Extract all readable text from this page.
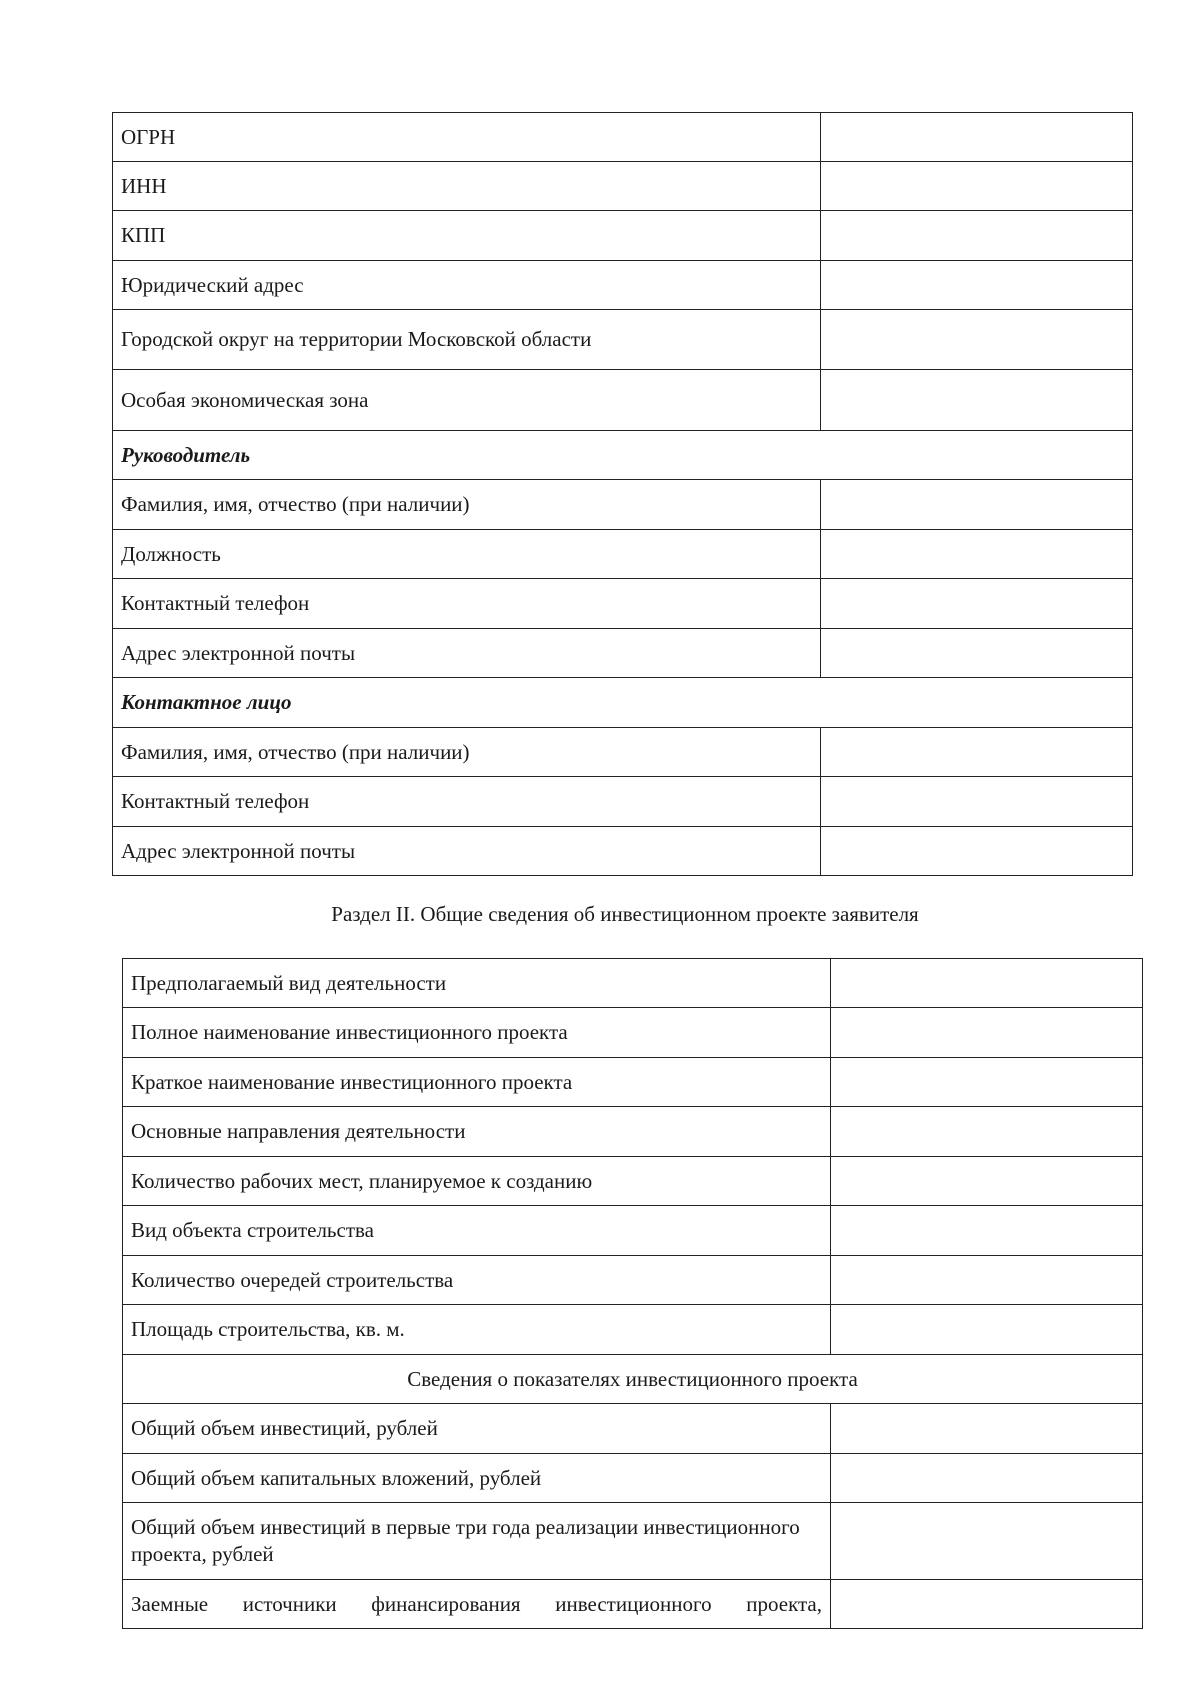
ОГРН	
ИНН	
КПП	
Юридический адрес	
Городской округ на территории Московской области	
Особая экономическая зона	
Руководитель	
Фамилия, имя, отчество (при наличии)	
Должность	
Контактный телефон	
Адрес электронной почты	
Контактное лицо	
Фамилия, имя, отчество (при наличии)	
Контактный телефон	
Адрес электронной почты	
Раздел II. Общие сведения об инвестиционном проекте заявителя
Предполагаемый вид деятельности	
Полное наименование инвестиционного проекта	
Краткое наименование инвестиционного проекта	
Основные направления деятельности	
Количество рабочих мест, планируемое к созданию	
Вид объекта строительства	
Количество очередей строительства	
Площадь строительства, кв. м.	
Сведения о показателях инвестиционного проекта	
Общий объем инвестиций, рублей	
Общий объем капитальных вложений, рублей	
Общий объем инвестиций в первые три года реализации инвестиционного проекта, рублей	
Заемные источники финансирования инвестиционного проекта,	
